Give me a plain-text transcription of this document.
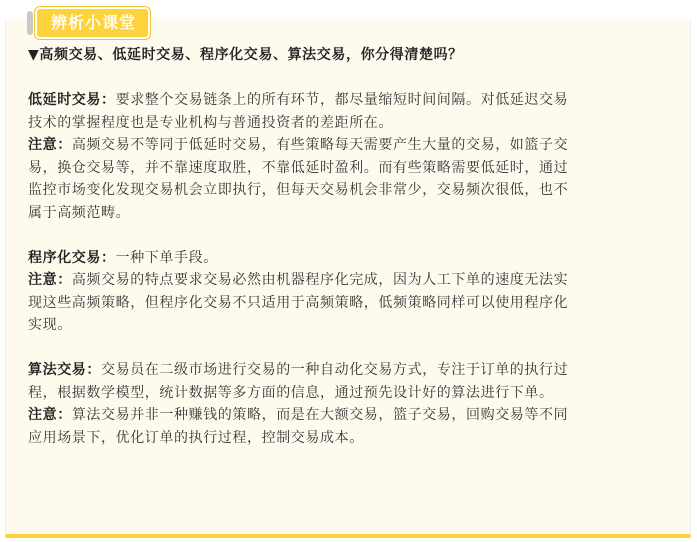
辨析小课堂
▼高频交易、低延时交易、程序化交易、算法交易，你分得清楚吗？
低延时交易：要求整个交易链条上的所有环节，都尽量缩短时间间隔。对低延迟交易
技术的掌握程度也是专业机构与普通投资者的差距所在。
注意：高频交易不等同于低延时交易，有些策略每天需要产生大量的交易，如篮子交
易，换仓交易等，并不靠速度取胜，不靠低延时盈利。而有些策略需要低延时，通过
监控市场变化发现交易机会立即执行，但每天交易机会非常少，交易频次很低，也不
属于高频范畴。
程序化交易：一种下单手段。
注意：高频交易的特点要求交易必然由机器程序化完成，因为人工下单的速度无法实
现这些高频策略，但程序化交易不只适用于高频策略，低频策略同样可以使用程序化
实现。
算法交易：交易员在二级市场进行交易的一种自动化交易方式，专注于订单的执行过
程，根据数学模型，统计数据等多方面的信息，通过预先设计好的算法进行下单。
注意：算法交易并非一种赚钱的策略，而是在大额交易，篮子交易，回购交易等不同
应用场景下，优化订单的执行过程，控制交易成本。
